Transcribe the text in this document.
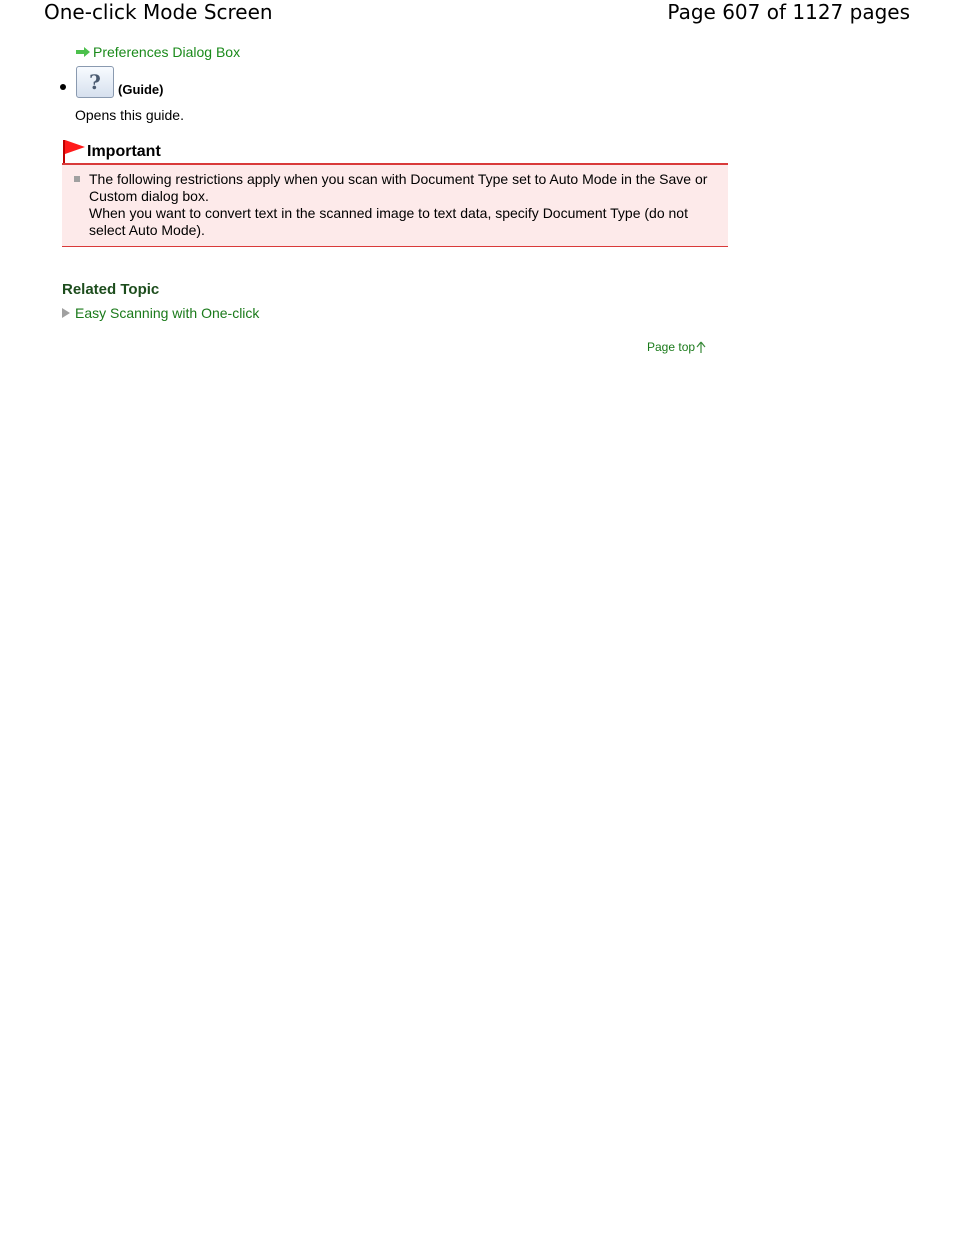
One-click Mode Screen	Page 607 of 1127 pages
Preferences Dialog Box
? (Guide)
Opens this guide.
Important
The following restrictions apply when you scan with Document Type set to Auto Mode in the Save or Custom dialog box.
When you want to convert text in the scanned image to text data, specify Document Type (do not select Auto Mode).
Related Topic
Easy Scanning with One-click
Page top
